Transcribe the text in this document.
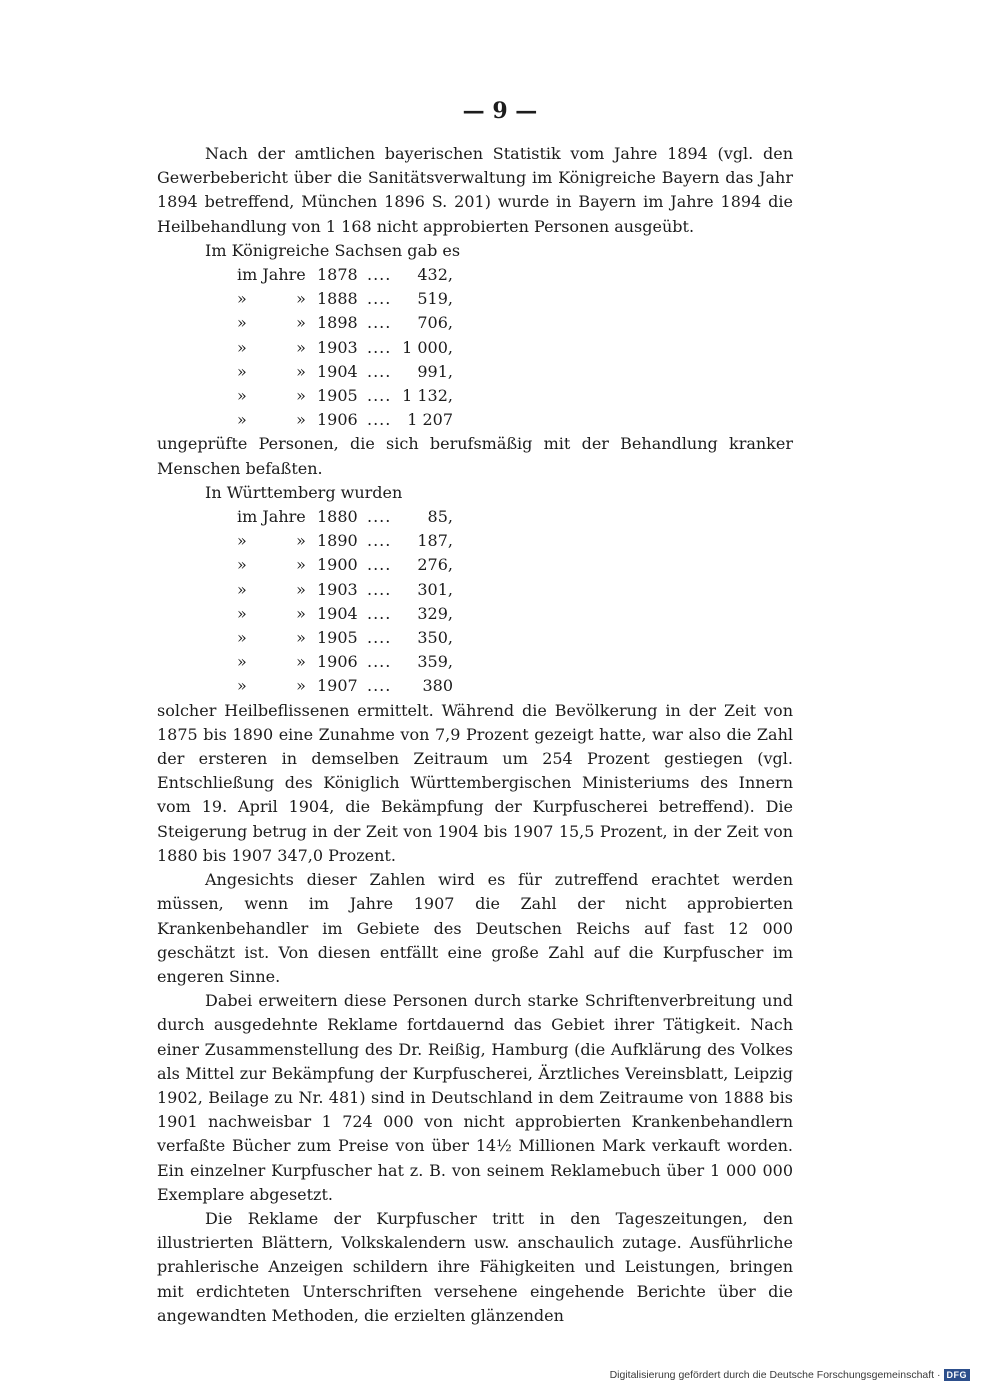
— 9 —

Nach der amtlichen bayerischen Statistik vom Jahre 1894 (vgl. den Gewerbebericht über die Sanitätsverwaltung im Königreiche Bayern das Jahr 1894 betreffend, München 1896 S. 201) wurde in Bayern im Jahre 1894 die Heilbehandlung von 1 168 nicht approbierten Personen ausgeübt.

Im Königreiche Sachsen gab es

im Jahre		1878	....	432,
»	»	1888	....	519,
»	»	1898	....	706,
»	»	1903	....	1 000,
»	»	1904	....	991,
»	»	1905	....	1 132,
»	»	1906	....	1 207

ungeprüfte Personen, die sich berufsmäßig mit der Behandlung kranker Menschen befaßten.

In Württemberg wurden

im Jahre		1880	....	85,
»	»	1890	....	187,
»	»	1900	....	276,
»	»	1903	....	301,
»	»	1904	....	329,
»	»	1905	....	350,
»	»	1906	....	359,
»	»	1907	....	380

solcher Heilbeflissenen ermittelt. Während die Bevölkerung in der Zeit von 1875 bis 1890 eine Zunahme von 7,9 Prozent gezeigt hatte, war also die Zahl der ersteren in demselben Zeitraum um 254 Prozent gestiegen (vgl. Entschließung des Königlich Württembergischen Ministeriums des Innern vom 19. April 1904, die Bekämpfung der Kurpfuscherei betreffend). Die Steigerung betrug in der Zeit von 1904 bis 1907 15,5 Prozent, in der Zeit von 1880 bis 1907 347,0 Prozent.

Angesichts dieser Zahlen wird es für zutreffend erachtet werden müssen, wenn im Jahre 1907 die Zahl der nicht approbierten Krankenbehandler im Gebiete des Deutschen Reichs auf fast 12 000 geschätzt ist. Von diesen entfällt eine große Zahl auf die Kurpfuscher im engeren Sinne.

Dabei erweitern diese Personen durch starke Schriftenverbreitung und durch ausgedehnte Reklame fortdauernd das Gebiet ihrer Tätigkeit. Nach einer Zusammenstellung des Dr. Reißig, Hamburg (die Aufklärung des Volkes als Mittel zur Bekämpfung der Kurpfuscherei, Ärztliches Vereinsblatt, Leipzig 1902, Beilage zu Nr. 481) sind in Deutschland in dem Zeitraume von 1888 bis 1901 nachweisbar 1 724 000 von nicht approbierten Krankenbehandlern verfaßte Bücher zum Preise von über 14½ Millionen Mark verkauft worden. Ein einzelner Kurpfuscher hat z. B. von seinem Reklamebuch über 1 000 000 Exemplare abgesetzt.

Die Reklame der Kurpfuscher tritt in den Tageszeitungen, den illustrierten Blättern, Volkskalendern usw. anschaulich zutage. Ausführliche prahlerische Anzeigen schildern ihre Fähigkeiten und Leistungen, bringen mit erdichteten Unterschriften versehene eingehende Berichte über die angewandten Methoden, die erzielten glänzenden

Digitalisierung gefördert durch die Deutsche Forschungsgemeinschaft · DFG
